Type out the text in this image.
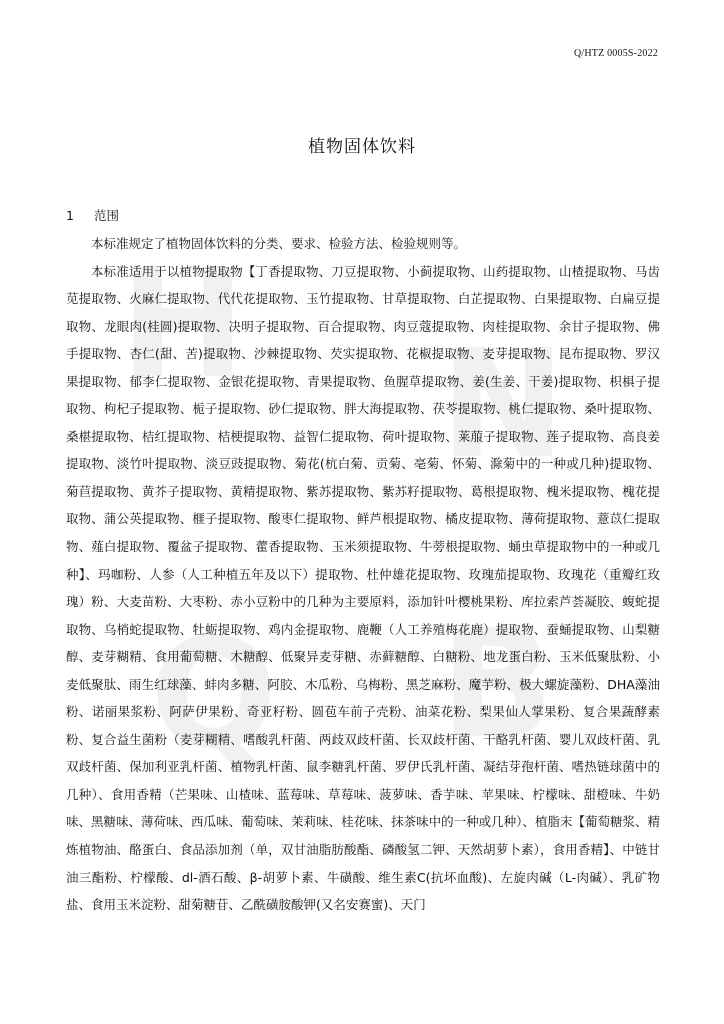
H N
Q B
Q/HTZ 0005S-2022
植物固体饮料
1 范围

本标准规定了植物固体饮料的分类、要求、检验方法、检验规则等。

本标准适用于以植物提取物【丁香提取物、刀豆提取物、小蓟提取物、山药提取物、山楂提取物、马齿苋提取物、火麻仁提取物、代代花提取物、玉竹提取物、甘草提取物、白芷提取物、白果提取物、白扁豆提取物、龙眼肉(桂圆)提取物、决明子提取物、百合提取物、肉豆蔻提取物、肉桂提取物、余甘子提取物、佛手提取物、杏仁(甜、苦)提取物、沙棘提取物、芡实提取物、花椒提取物、麦芽提取物、昆布提取物、罗汉果提取物、郁李仁提取物、金银花提取物、青果提取物、鱼腥草提取物、姜(生姜、干姜)提取物、枳椇子提取物、枸杞子提取物、栀子提取物、砂仁提取物、胖大海提取物、茯苓提取物、桃仁提取物、桑叶提取物、桑椹提取物、桔红提取物、桔梗提取物、益智仁提取物、荷叶提取物、莱菔子提取物、莲子提取物、高良姜提取物、淡竹叶提取物、淡豆豉提取物、菊花(杭白菊、贡菊、亳菊、怀菊、滁菊中的一种或几种)提取物、菊苣提取物、黄芥子提取物、黄精提取物、紫苏提取物、紫苏籽提取物、葛根提取物、槐米提取物、槐花提取物、蒲公英提取物、榧子提取物、酸枣仁提取物、鲜芦根提取物、橘皮提取物、薄荷提取物、薏苡仁提取物、薤白提取物、覆盆子提取物、藿香提取物、玉米须提取物、牛蒡根提取物、蛹虫草提取物中的一种或几种】、玛咖粉、人参（人工种植五年及以下）提取物、杜仲雄花提取物、玫瑰茄提取物、玫瑰花（重瓣红玫瑰）粉、大麦苗粉、大枣粉、赤小豆粉中的几种为主要原料，添加针叶樱桃果粉、库拉索芦荟凝胶、蝮蛇提取物、乌梢蛇提取物、牡蛎提取物、鸡内金提取物、鹿鞭（人工养殖梅花鹿）提取物、蚕蛹提取物、山梨糖醇、麦芽糊精、食用葡萄糖、木糖醇、低聚异麦芽糖、赤藓糖醇、白糖粉、地龙蛋白粉、玉米低聚肽粉、小麦低聚肽、雨生红球藻、蚌肉多糖、阿胶、木瓜粉、乌梅粉、黑芝麻粉、魔芋粉、极大螺旋藻粉、DHA藻油粉、诺丽果浆粉、阿萨伊果粉、奇亚籽粉、圆苞车前子壳粉、油菜花粉、梨果仙人掌果粉、复合果蔬酵素粉、复合益生菌粉（麦芽糊精、嗜酸乳杆菌、两歧双歧杆菌、长双歧杆菌、干酪乳杆菌、婴儿双歧杆菌、乳双歧杆菌、保加利亚乳杆菌、植物乳杆菌、鼠李糖乳杆菌、罗伊氏乳杆菌、凝结芽孢杆菌、嗜热链球菌中的几种）、食用香精（芒果味、山楂味、蓝莓味、草莓味、菠萝味、香芋味、苹果味、柠檬味、甜橙味、牛奶味、黑糖味、薄荷味、西瓜味、葡萄味、茉莉味、桂花味、抹茶味中的一种或几种）、植脂末【葡萄糖浆、精炼植物油、酪蛋白、食品添加剂（单，双甘油脂肪酸酯、磷酸氢二钾、天然胡萝卜素），食用香精】、中链甘油三酯粉、柠檬酸、dl-酒石酸、β-胡萝卜素、牛磺酸、维生素C(抗坏血酸)、左旋肉碱（L-肉碱）、乳矿物盐、食用玉米淀粉、甜菊糖苷、乙酰磺胺酸钾(又名安赛蜜)、天门
